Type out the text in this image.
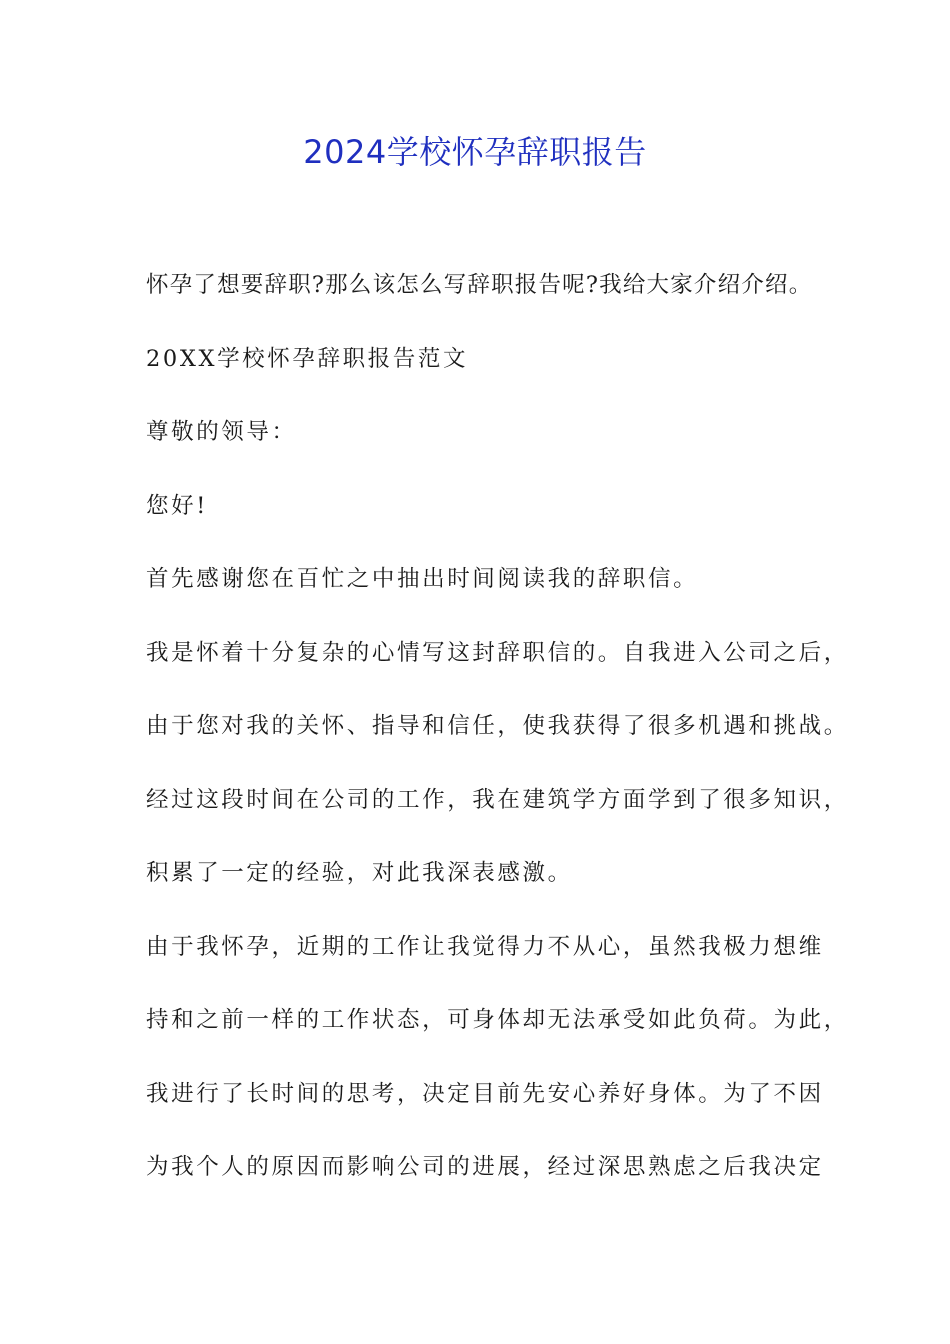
2024学校怀孕辞职报告
怀孕了想要辞职?那么该怎么写辞职报告呢?我给大家介绍介绍。
20XX学校怀孕辞职报告范文
尊敬的领导：
您好!
首先感谢您在百忙之中抽出时间阅读我的辞职信。
我是怀着十分复杂的心情写这封辞职信的。自我进入公司之后，
由于您对我的关怀、指导和信任，使我获得了很多机遇和挑战。
经过这段时间在公司的工作，我在建筑学方面学到了很多知识，
积累了一定的经验，对此我深表感激。
由于我怀孕，近期的工作让我觉得力不从心，虽然我极力想维
持和之前一样的工作状态，可身体却无法承受如此负荷。为此，
我进行了长时间的思考，决定目前先安心养好身体。为了不因
为我个人的原因而影响公司的进展，经过深思熟虑之后我决定
